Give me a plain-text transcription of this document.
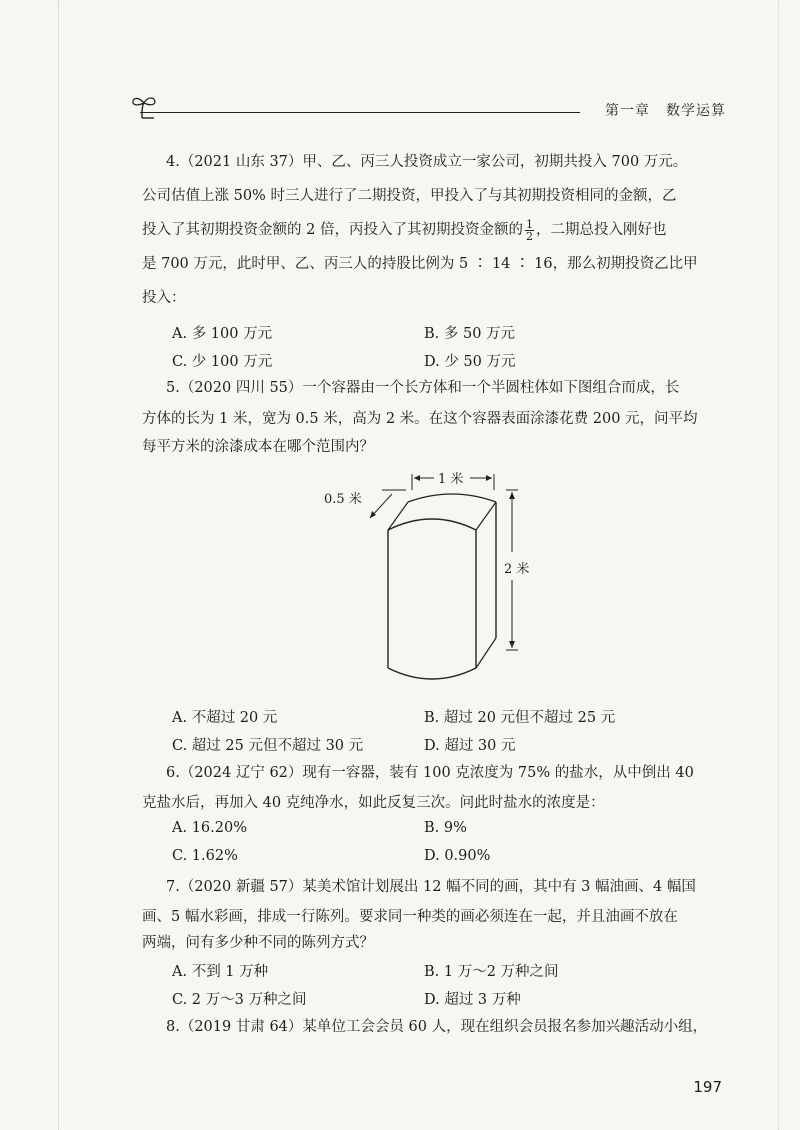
第一章 数学运算

4.（2021 山东 37）甲、乙、丙三人投资成立一家公司，初期共投入 700 万元。

公司估值上涨 50% 时三人进行了二期投资，甲投入了与其初期投资相同的金额，乙

投入了其初期投资金额的 2 倍，丙投入了其初期投资金额的 $\frac{1}{2}$ ，二期总投入刚好也

是 700 万元，此时甲、乙、丙三人的持股比例为 5 ∶ 14 ∶ 16，那么初期投资乙比甲

投入：

A. 多 100 万元	B. 多 50 万元
C. 少 100 万元	D. 少 50 万元

5.（2020 四川 55）一个容器由一个长方体和一个半圆柱体如下图组合而成，长

方体的长为 1 米，宽为 0.5 米，高为 2 米。在这个容器表面涂漆花费 200 元，问平均

每平方米的涂漆成本在哪个范围内？

1 米
0.5 米
2 米
A. 不超过 20 元	B. 超过 20 元但不超过 25 元
C. 超过 25 元但不超过 30 元	D. 超过 30 元

6.（2024 辽宁 62）现有一容器，装有 100 克浓度为 75% 的盐水，从中倒出 40

克盐水后，再加入 40 克纯净水，如此反复三次。问此时盐水的浓度是：

A. 16.20%	B. 9%
C. 1.62%	D. 0.90%

7.（2020 新疆 57）某美术馆计划展出 12 幅不同的画，其中有 3 幅油画、4 幅国

画、5 幅水彩画，排成一行陈列。要求同一种类的画必须连在一起，并且油画不放在

两端，问有多少种不同的陈列方式？

A. 不到 1 万种	B. 1 万～2 万种之间
C. 2 万～3 万种之间	D. 超过 3 万种

8.（2019 甘肃 64）某单位工会会员 60 人，现在组织会员报名参加兴趣活动小组，

197
